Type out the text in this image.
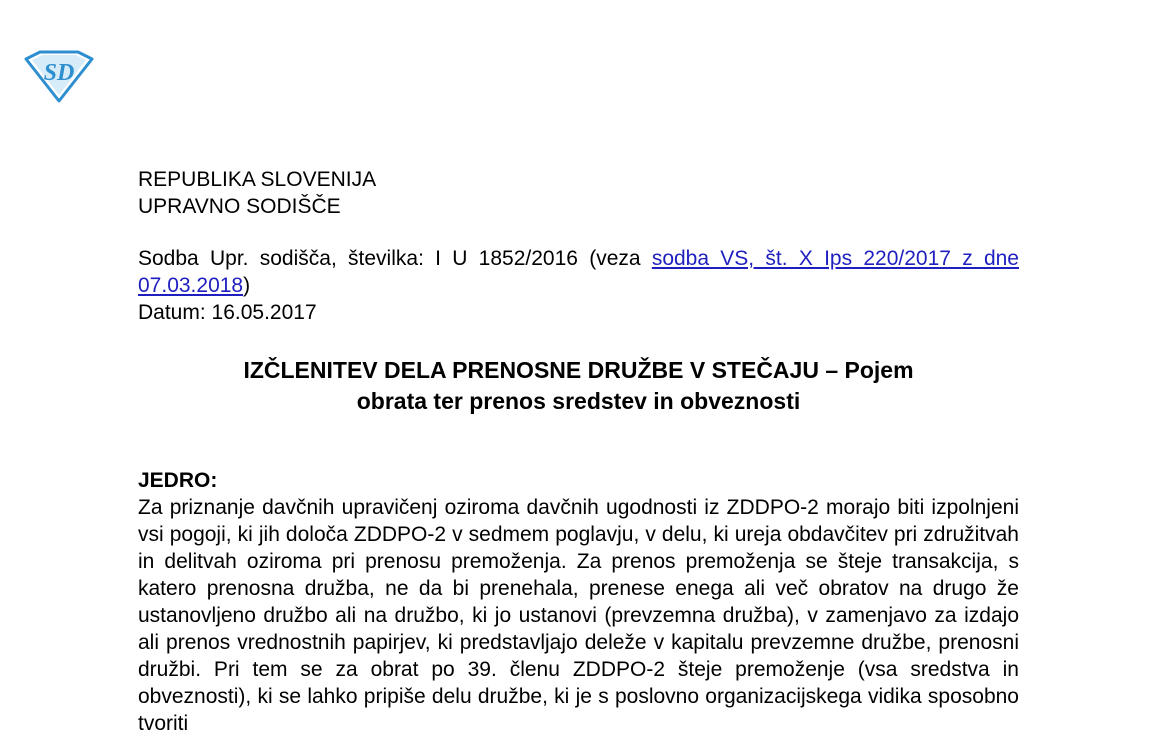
SD
REPUBLIKA SLOVENIJA
UPRAVNO SODIŠČE
Sodba Upr. sodišča, številka: I U 1852/2016 (veza sodba VS, št. X Ips 220/2017 z dne 07.03.2018)
Datum: 16.05.2017
IZČLENITEV DELA PRENOSNE DRUŽBE V STEČAJU – Pojem
obrata ter prenos sredstev in obveznosti
JEDRO:

Za priznanje davčnih upravičenj oziroma davčnih ugodnosti iz ZDDPO-2 morajo biti izpolnjeni vsi pogoji, ki jih določa ZDDPO-2 v sedmem poglavju, v delu, ki ureja obdavčitev pri združitvah in delitvah oziroma pri prenosu premoženja. Za prenos premoženja se šteje transakcija, s katero prenosna družba, ne da bi prenehala, prenese enega ali več obratov na drugo že ustanovljeno družbo ali na družbo, ki jo ustanovi (prevzemna družba), v zamenjavo za izdajo ali prenos vrednostnih papirjev, ki predstavljajo deleže v kapitalu prevzemne družbe, prenosni družbi. Pri tem se za obrat po 39. členu ZDDPO-2 šteje premoženje (vsa sredstva in obveznosti), ki se lahko pripiše delu družbe, ki je s poslovno organizacijskega vidika sposobno tvoriti
